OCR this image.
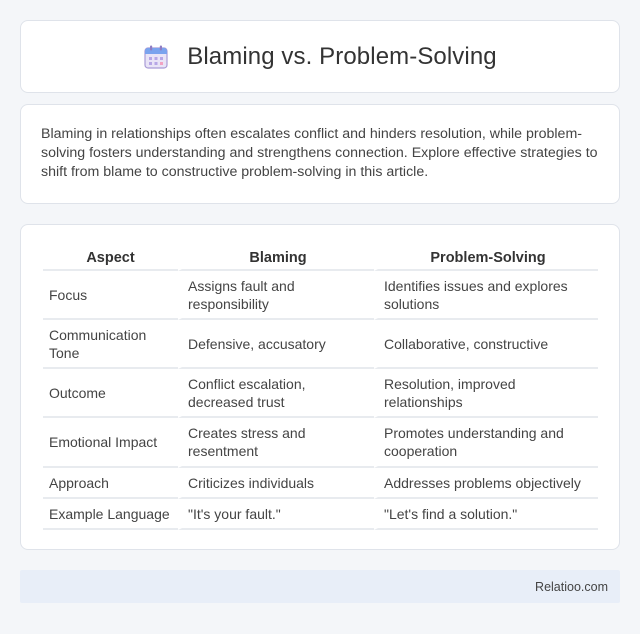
Blaming vs. Problem-Solving

Blaming in relationships often escalates conflict and hinders resolution, while problem-solving fosters understanding and strengthens connection. Explore effective strategies to shift from blame to constructive problem-solving in this article.

Aspect	Blaming	Problem-Solving
Focus	Assigns fault and responsibility	Identifies issues and explores solutions
Communication Tone	Defensive, accusatory	Collaborative, constructive
Outcome	Conflict escalation, decreased trust	Resolution, improved relationships
Emotional Impact	Creates stress and resentment	Promotes understanding and cooperation
Approach	Criticizes individuals	Addresses problems objectively
Example Language	"It's your fault."	"Let's find a solution."
Relatioo.com
